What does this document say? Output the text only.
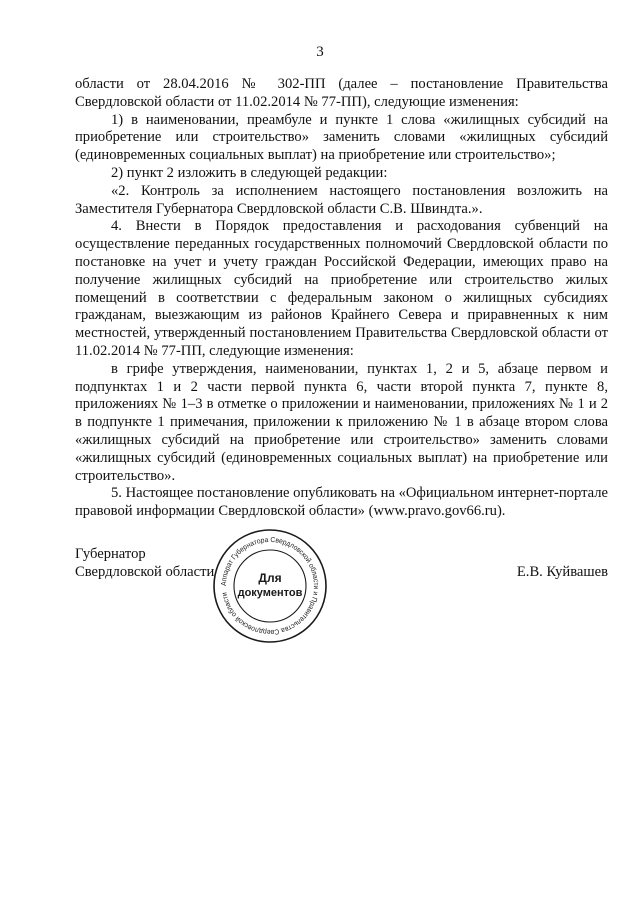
3

области от 28.04.2016 № 302-ПП (далее – постановление Правительства Свердловской области от 11.02.2014 № 77-ПП), следующие изменения:

1) в наименовании, преамбуле и пункте 1 слова «жилищных субсидий на приобретение или строительство» заменить словами «жилищных субсидий (единовременных социальных выплат) на приобретение или строительство»;

2) пункт 2 изложить в следующей редакции:

«2. Контроль за исполнением настоящего постановления возложить на Заместителя Губернатора Свердловской области С.В. Швиндта.».

4. Внести в Порядок предоставления и расходования субвенций на осуществление переданных государственных полномочий Свердловской области по постановке на учет и учету граждан Российской Федерации, имеющих право на получение жилищных субсидий на приобретение или строительство жилых помещений в соответствии с федеральным законом о жилищных субсидиях гражданам, выезжающим из районов Крайнего Севера и приравненных к ним местностей, утвержденный постановлением Правительства Свердловской области от 11.02.2014 № 77-ПП, следующие изменения:

в грифе утверждения, наименовании, пунктах 1, 2 и 5, абзаце первом и подпунктах 1 и 2 части первой пункта 6, части второй пункта 7, пункте 8, приложениях № 1–3 в отметке о приложении и наименовании, приложениях № 1 и 2 в подпункте 1 примечания, приложении к приложению № 1 в абзаце втором слова «жилищных субсидий на приобретение или строительство» заменить словами «жилищных субсидий (единовременных социальных выплат) на приобретение или строительство».

5. Настоящее постановление опубликовать на «Официальном интернет-портале правовой информации Свердловской области» (www.pravo.gov66.ru).

Губернатор
Свердловской области	Е.В. Куйвашев
Аппарат Губернатора Свердловской области и Правительства Свердловской области
Для
документов
